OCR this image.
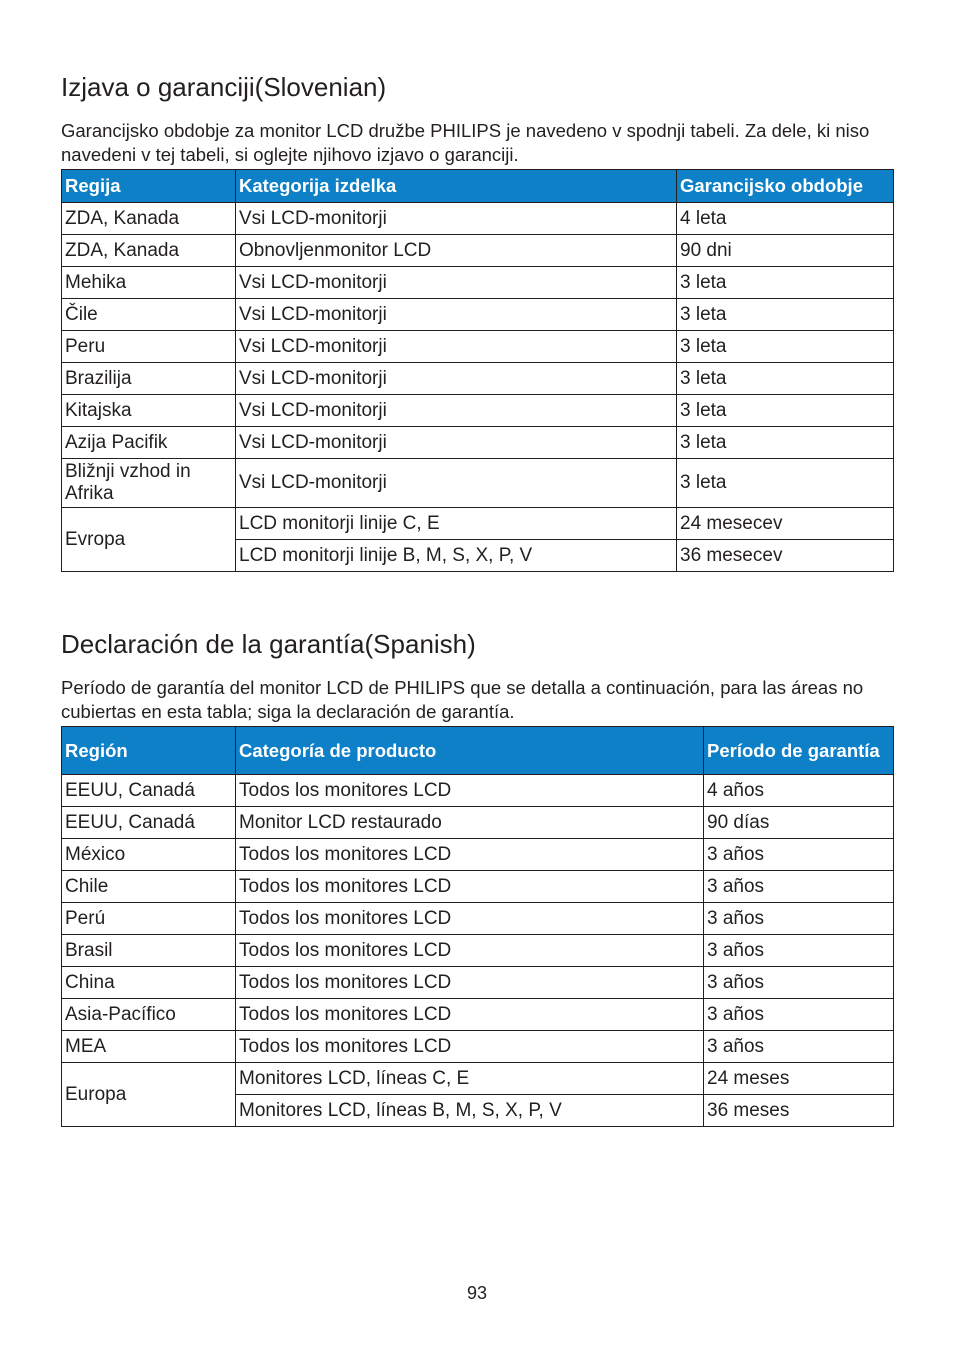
Izjava o garanciji(Slovenian)

Garancijsko obdobje za monitor LCD družbe PHILIPS je navedeno v spodnji tabeli. Za dele, ki niso navedeni v tej tabeli, si oglejte njihovo izjavo o garanciji.

Regija	Kategorija izdelka	Garancijsko obdobje
ZDA, Kanada	Vsi LCD-monitorji	4 leta
ZDA, Kanada	Obnovljenmonitor LCD	90 dni
Mehika	Vsi LCD-monitorji	3 leta
Čile	Vsi LCD-monitorji	3 leta
Peru	Vsi LCD-monitorji	3 leta
Brazilija	Vsi LCD-monitorji	3 leta
Kitajska	Vsi LCD-monitorji	3 leta
Azija Pacifik	Vsi LCD-monitorji	3 leta
Bližnji vzhod in Afrika	Vsi LCD-monitorji	3 leta
Evropa	LCD monitorji linije C, E	24 mesecev
	LCD monitorji linije B, M, S, X, P, V	36 mesecev
Declaración de la garantía(Spanish)

Período de garantía del monitor LCD de PHILIPS que se detalla a continuación, para las áreas no cubiertas en esta tabla; siga la declaración de garantía.

Región	Categoría de producto	Período de garantía
EEUU, Canadá	Todos los monitores LCD	4 años
EEUU, Canadá	Monitor LCD restaurado	90 días
México	Todos los monitores LCD	3 años
Chile	Todos los monitores LCD	3 años
Perú	Todos los monitores LCD	3 años
Brasil	Todos los monitores LCD	3 años
China	Todos los monitores LCD	3 años
Asia-Pacífico	Todos los monitores LCD	3 años
MEA	Todos los monitores LCD	3 años
Europa	Monitores LCD, líneas C, E	24 meses
	Monitores LCD, líneas B, M, S, X, P, V	36 meses
93
